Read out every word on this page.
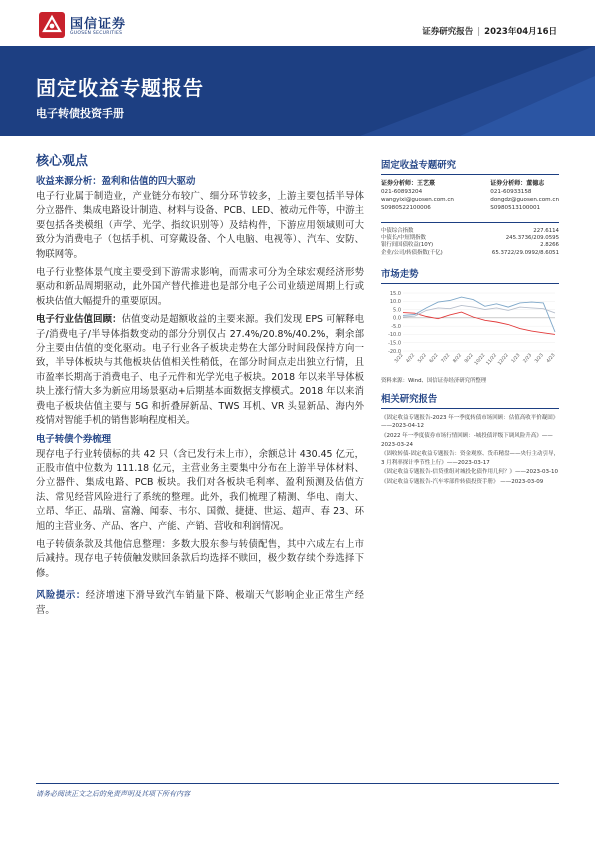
国信证券
GUOSEN SECURITIES	证券研究报告 | 2023年04月16日
固定收益专题报告
电子转债投资手册
核心观点
收益来源分析：盈利和估值的四大驱动

电子行业属于制造业，产业链分布较广、细分环节较多，上游主要包括半导体分立器件、集成电路设计制造、材料与设备、PCB、LED、被动元件等，中游主要包括各类模组（声学、光学、指纹识别等）及结构件，下游应用领域则可大致分为消费电子（包括手机、可穿戴设备、个人电脑、电视等）、汽车、安防、物联网等。

电子行业整体景气度主要受到下游需求影响，而需求可分为全球宏观经济形势驱动和新品周期驱动，此外国产替代推进也是部分电子公司业绩逆周期上行或板块估值大幅提升的重要原因。

电子行业估值回顾：估值变动是超额收益的主要来源。我们发现 EPS 可解释电子/消费电子/半导体指数变动的部分分别仅占 27.4%/20.8%/40.2%，剩余部分主要由估值的变化驱动。电子行业各子板块走势在大部分时间段保持方向一致，半导体板块与其他板块估值相关性稍低，在部分时间点走出独立行情，且市盈率长期高于消费电子、电子元件和光学光电子板块。2018 年以来半导体板块上涨行情大多为新应用场景驱动+后期基本面数据支撑模式。2018 年以来消费电子板块估值主要与 5G 和折叠屏新品、TWS 耳机、VR 头显新品、海内外疫情对智能手机的销售影响程度相关。

电子转债个券梳理

现存电子行业转债标的共 42 只（含已发行未上市），余额总计 430.45 亿元，正股市值中位数为 111.18 亿元，主营业务主要集中分布在上游半导体材料、分立器件、集成电路、PCB 板块。我们对各板块毛利率、盈利预测及估值方法、常见经营风险进行了系统的整理。此外，我们梳理了精测、华电、南大、立昂、华正、晶瑞、富瀚、闻泰、韦尔、国微、捷捷、世运、超声、春 23、环旭的主营业务、产品、客户、产能、产销、营收和利润情况。

电子转债条款及其他信息整理：多数大股东参与转债配售，其中六成左右上市后减持。现存电子转债触发赎回条款后均选择不赎回，极少数存续个券选择下修。

风险提示：经济增速下滑导致汽车销量下降、极端天气影响企业正常生产经营。

固定收益专题研究
证券分析师：王艺熹
021-60893204
wangyixi@guosen.com.cn
S0980522100006
证券分析师：董德志
021-60933158
dongdz@guosen.com.cn
S0980513100001
中债综合指数	227.6114
中债长/中短期指数	245.3736/209.0595
银行间国债收益(10Y)	2.8266
企业/公司/转债指数(千亿)	65.3722/29.0992/8.6051
市场走势
15.0
10.0
5.0
0.0
-5.0
-10.0
-15.0
-20.0
3/22 4/22 5/22 6/22 7/22 8/22 9/22 10/22 11/22 12/22 1/23 2/23 3/23 4/23
资料来源：Wind、国信证券经济研究所整理
相关研究报告
《固定收益专题报告-2023 年一季度转债市场回顾：估值高收平价凝固》 ——2023-04-12
《2022 年一季度债券市场行情回顾：-城投债评级下调风险升高》——2023-03-24
《固收转债-固定收益专题报告：资金观察、货币精盘——央行主动引导，3 月利率探计季节性上行》——2023-03-17
《固定收益专题报告-信贷重组对城投化债作用几何？》——2023-03-10
《固定收益专题报告-汽车零部件转债投资手册》 ——2023-03-09
请务必阅读正文之后的免责声明及其项下所有内容
